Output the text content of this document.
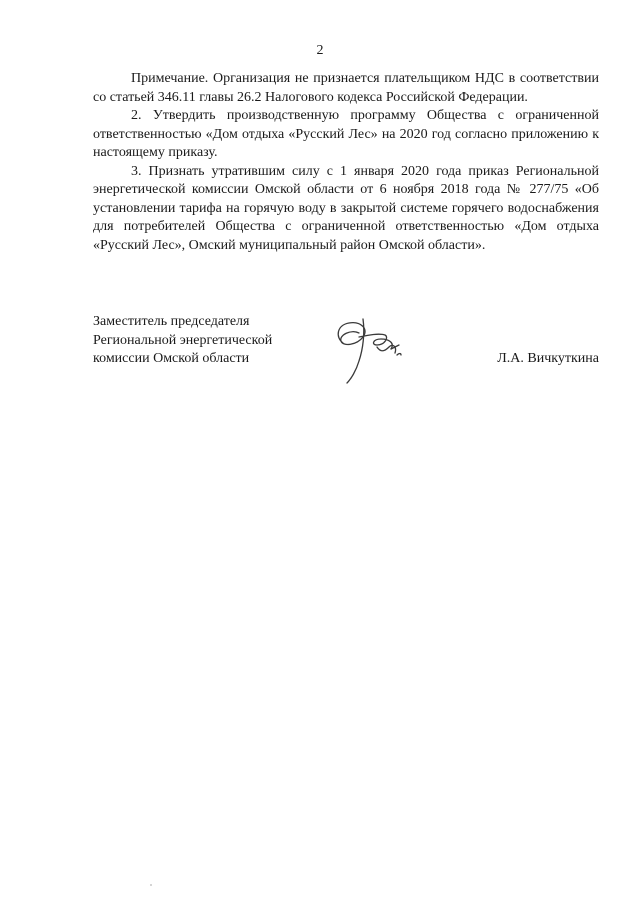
2

Примечание. Организация не признается плательщиком НДС в соответствии со статьей 346.11 главы 26.2 Налогового кодекса Российской Федерации.

2. Утвердить производственную программу Общества с ограниченной ответственностью «Дом отдыха «Русский Лес» на 2020 год согласно приложению к настоящему приказу.

3. Признать утратившим силу с 1 января 2020 года приказ Региональной энергетической комиссии Омской области от 6 ноября 2018 года № 277/75 «Об установлении тарифа на горячую воду в закрытой системе горячего водоснабжения для потребителей Общества с ограниченной ответственностью «Дом отдыха «Русский Лес», Омский муниципальный район Омской области».

Заместитель председателя
Региональной энергетической
комиссии Омской области	Л.А. Вичкуткина
